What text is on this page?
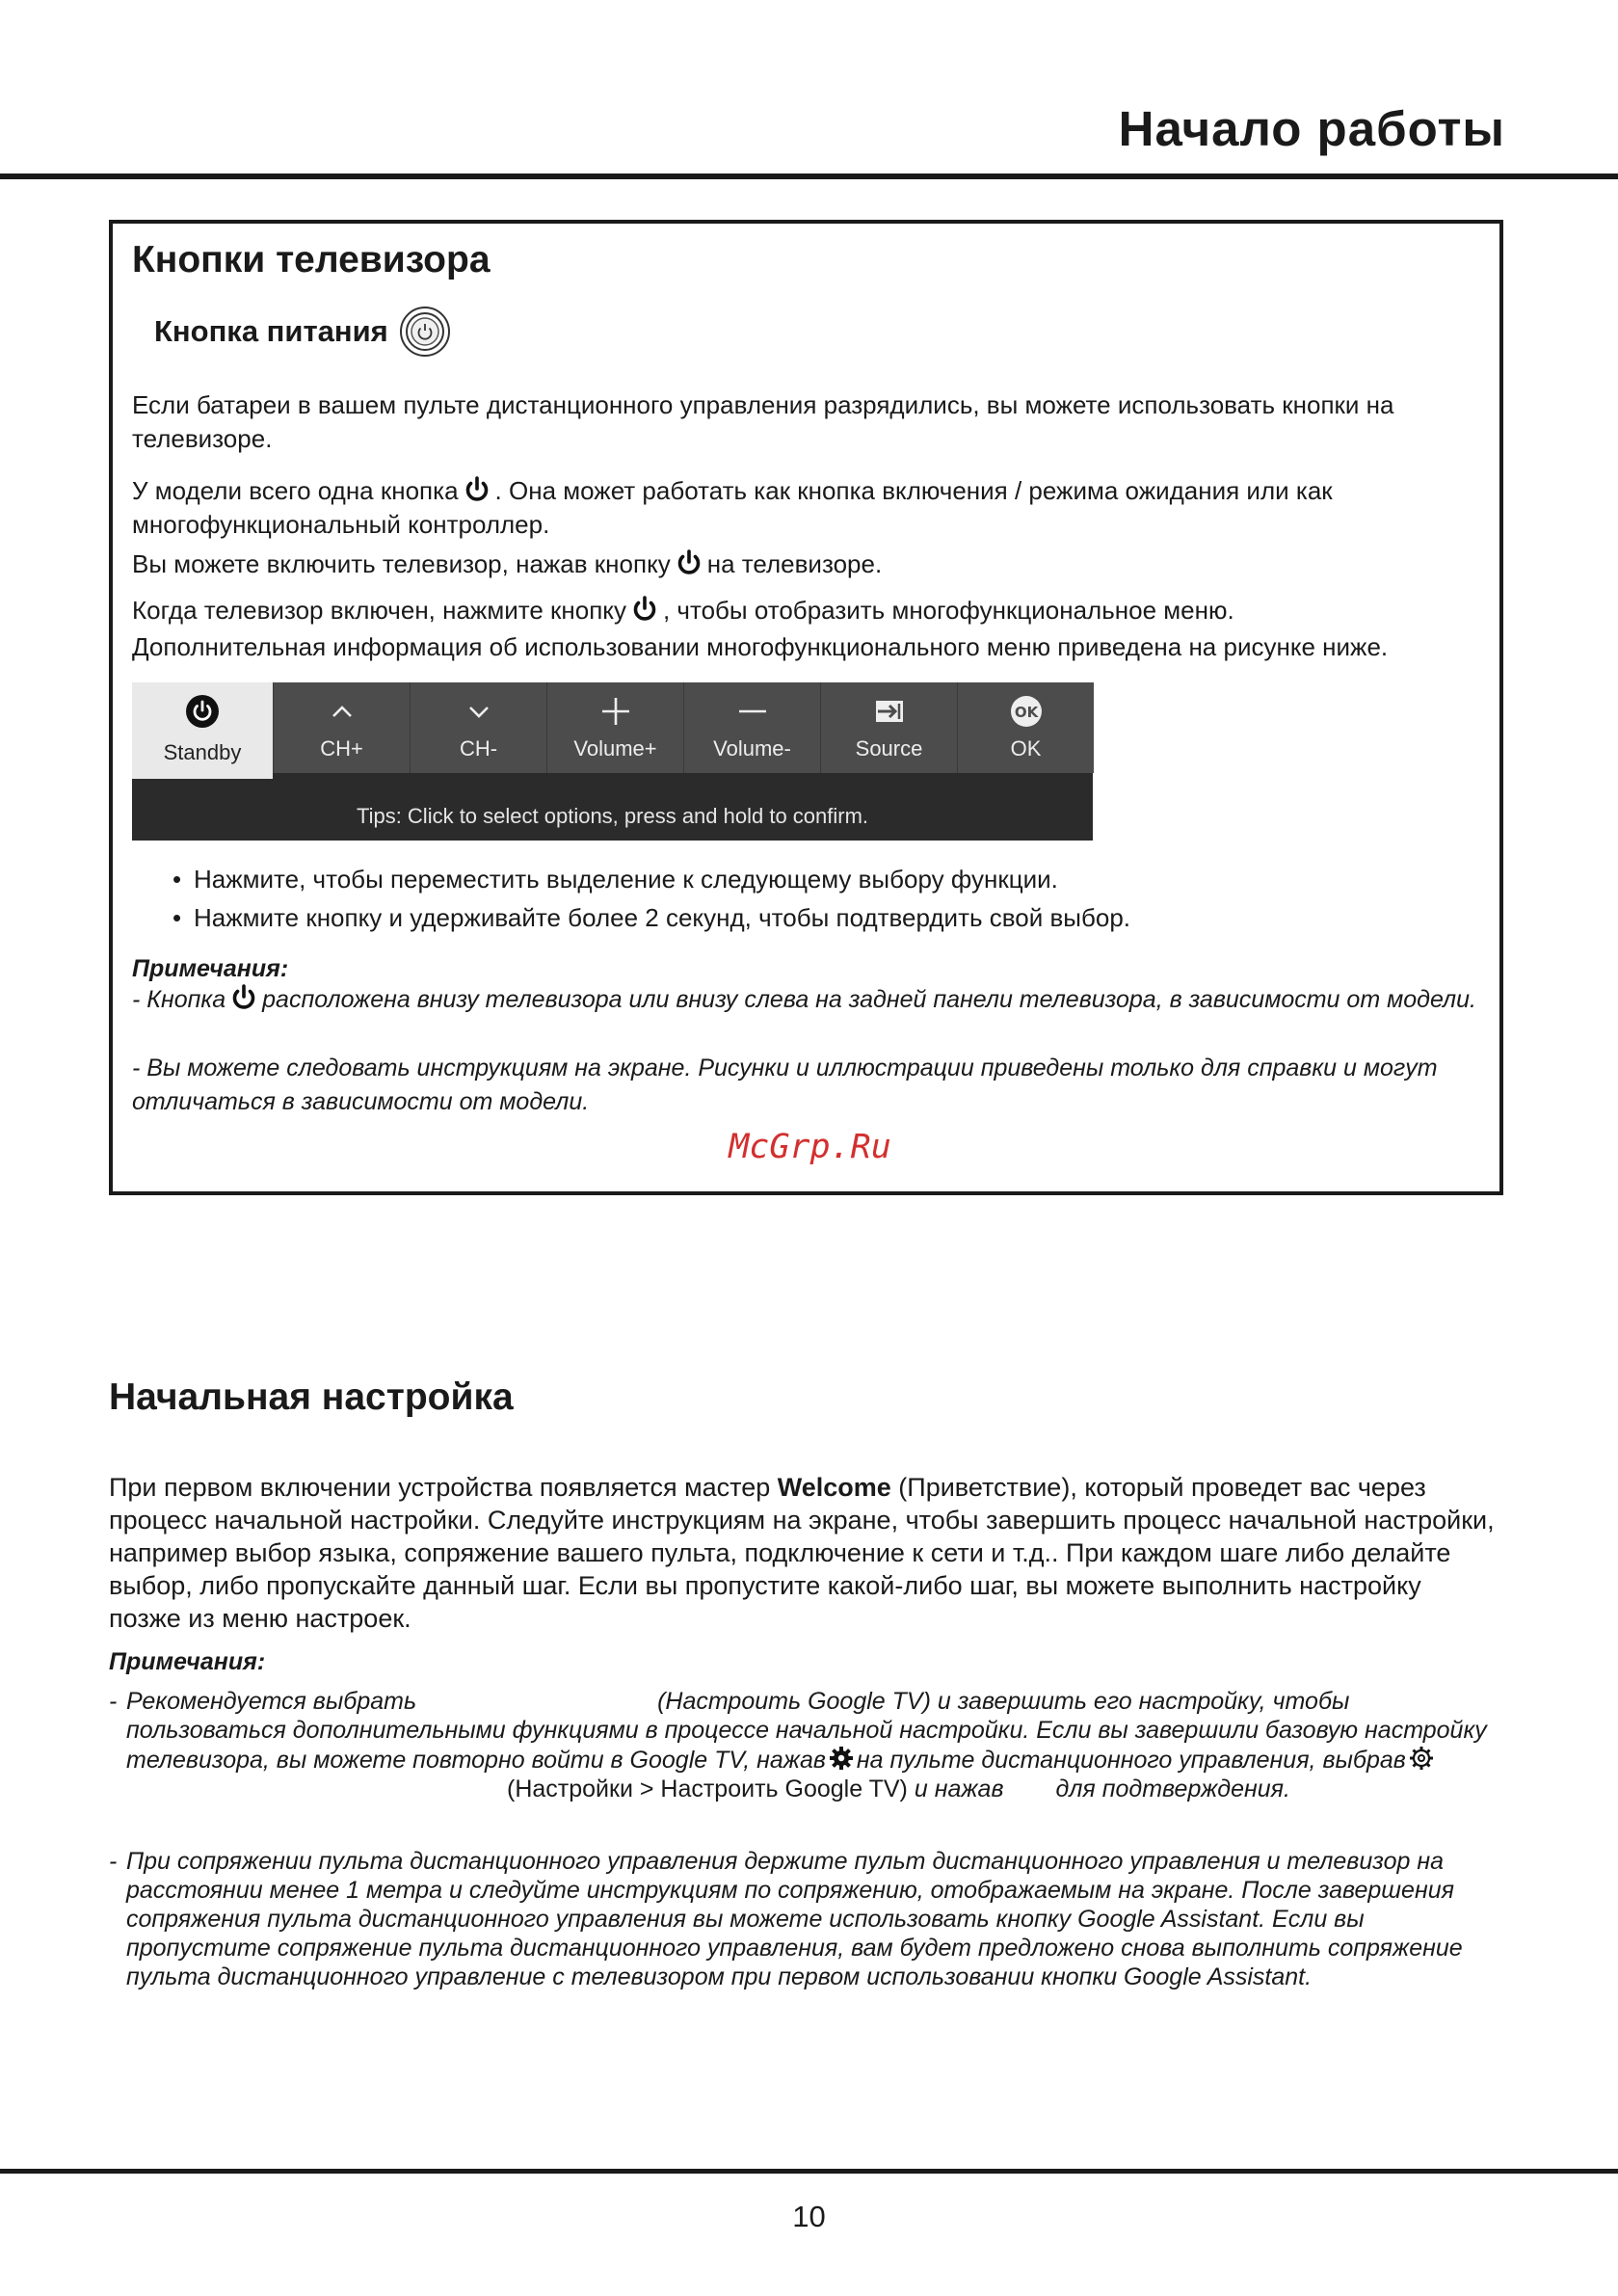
Начало работы
Кнопки телевизора
Кнопка питания
Если батареи в вашем пульте дистанционного управления разрядились, вы можете использовать кнопки на телевизоре.
У модели всего одна кнопка . Она может работать как кнопка включения / режима ожидания или как многофункциональный контроллер.
Вы можете включить телевизор, нажав кнопку на телевизоре.
Когда телевизор включен, нажмите кнопку , чтобы отобразить многофункциональное меню.
Дополнительная информация об использовании многофункционального меню приведена на рисунке ниже.
Standby	CH+	CH-	Volume+	Volume-	Source
OK
OK
Tips: Click to select options, press and hold to confirm.
• Нажмите, чтобы переместить выделение к следующему выбору функции.
• Нажмите кнопку и удерживайте более 2 секунд, чтобы подтвердить свой выбор.
Примечания:
- Кнопка расположена внизу телевизора или внизу слева на задней панели телевизора, в зависимости от модели.
- Вы можете следовать инструкциям на экране. Рисунки и иллюстрации приведены только для справки и могут отличаться в зависимости от модели.
McGrp.Ru
Начальная настройка
При первом включении устройства появляется мастер Welcome (Приветствие), который проведет вас через процесс начальной настройки. Следуйте инструкциям на экране, чтобы завершить процесс начальной настройки, например выбор языка, сопряжение вашего пульта, подключение к сети и т.д.. При каждом шаге либо делайте выбор, либо пропускайте данный шаг. Если вы пропустите какой-либо шаг, вы можете выполнить настройку позже из меню настроек.
Примечания:
- Рекомендуется выбрать	(Настроить Google TV) и завершить его настройку, чтобы пользоваться дополнительными функциями в процессе начальной настройки. Если вы завершили базовую настройку телевизора, вы можете повторно войти в Google TV, нажав на пульте дистанционного управления, выбрав(Настройки > Настроить Google TV) и нажав для подтверждения.
- При сопряжении пульта дистанционного управления держите пульт дистанционного управления и телевизор на расстоянии менее 1 метра и следуйте инструкциям по сопряжению, отображаемым на экране. После завершения сопряжения пульта дистанционного управления вы можете использовать кнопку Google Assistant. Если вы пропустите сопряжение пульта дистанционного управления, вам будет предложено снова выполнить сопряжение пульта дистанционного управление с телевизором при первом использовании кнопки Google Assistant.
10
